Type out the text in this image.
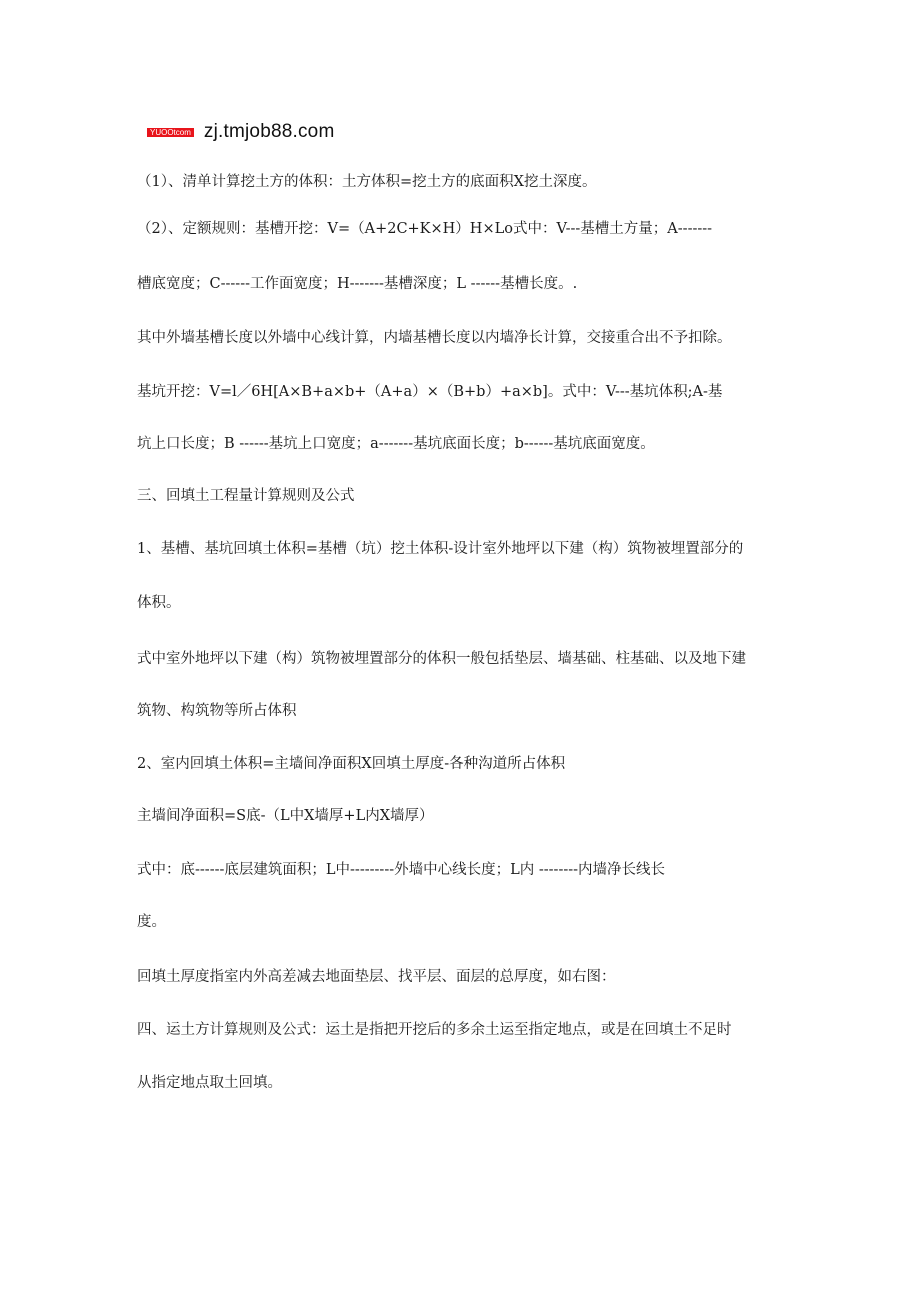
YUOOtcom zj.tmjob88.com
（1）、清单计算挖土方的体积：土方体积=挖土方的底面积X挖土深度。
（2）、定额规则：基槽开挖：V=（A+2C+K×H）H×Lo式中：V---基槽土方量；A-------
槽底宽度；C------工作面宽度；H-------基槽深度；L ------基槽长度。.
其中外墙基槽长度以外墙中心线计算，内墙基槽长度以内墙净长计算，交接重合出不予扣除。
基坑开挖：V=l／6H[A×B+a×b+（A+a）×（B+b）+a×b]。式中：V---基坑体积;A-基
坑上口长度；B ------基坑上口宽度；a-------基坑底面长度；b------基坑底面宽度。
三、回填土工程量计算规则及公式
1、基槽、基坑回填土体积=基槽（坑）挖土体积-设计室外地坪以下建（构）筑物被埋置部分的
体积。
式中室外地坪以下建（构）筑物被埋置部分的体积一般包括垫层、墙基础、柱基础、以及地下建
筑物、构筑物等所占体积
2、室内回填土体积=主墙间净面积X回填土厚度-各种沟道所占体积
主墙间净面积=S底-（L中X墙厚+L内X墙厚）
式中：底------底层建筑面积；L中---------外墙中心线长度；L内 --------内墙净长线长
度。
回填土厚度指室内外高差减去地面垫层、找平层、面层的总厚度，如右图：
四、运土方计算规则及公式：运土是指把开挖后的多余土运至指定地点，或是在回填土不足时
从指定地点取土回填。
